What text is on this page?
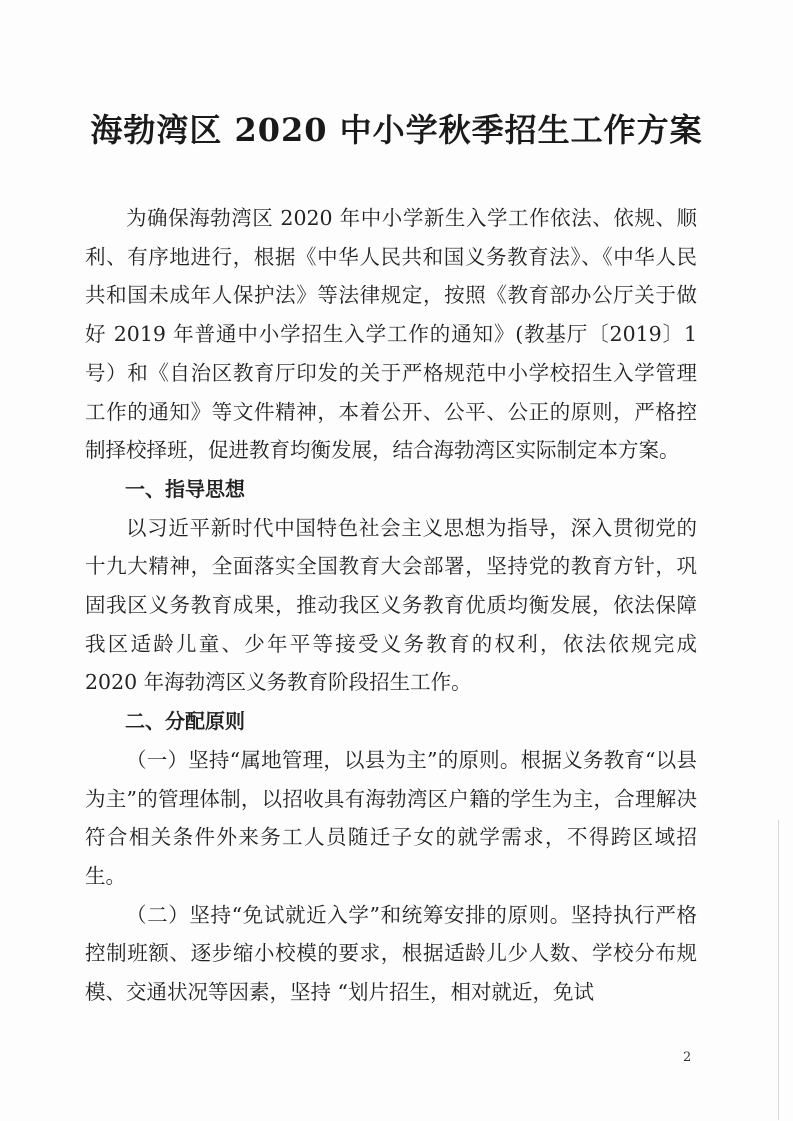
海勃湾区 2020 中小学秋季招生工作方案

为确保海勃湾区 2020 年中小学新生入学工作依法、依规、顺利、有序地进行，根据《中华人民共和国义务教育法》、《中华人民共和国未成年人保护法》等法律规定，按照《教育部办公厅关于做好 2019 年普通中小学招生入学工作的通知》(教基厅〔2019〕1 号）和《自治区教育厅印发的关于严格规范中小学校招生入学管理工作的通知》等文件精神，本着公开、公平、公正的原则，严格控制择校择班，促进教育均衡发展，结合海勃湾区实际制定本方案。

一、指导思想

以习近平新时代中国特色社会主义思想为指导，深入贯彻党的十九大精神，全面落实全国教育大会部署，坚持党的教育方针，巩固我区义务教育成果，推动我区义务教育优质均衡发展，依法保障我区适龄儿童、少年平等接受义务教育的权利，依法依规完成 2020 年海勃湾区义务教育阶段招生工作。

二、分配原则

（一）坚持“属地管理，以县为主”的原则。根据义务教育“以县为主”的管理体制，以招收具有海勃湾区户籍的学生为主，合理解决符合相关条件外来务工人员随迁子女的就学需求，不得跨区域招生。

（二）坚持“免试就近入学”和统筹安排的原则。坚持执行严格控制班额、逐步缩小校模的要求，根据适龄儿少人数、学校分布规模、交通状况等因素，坚持 “划片招生，相对就近，免试

2
